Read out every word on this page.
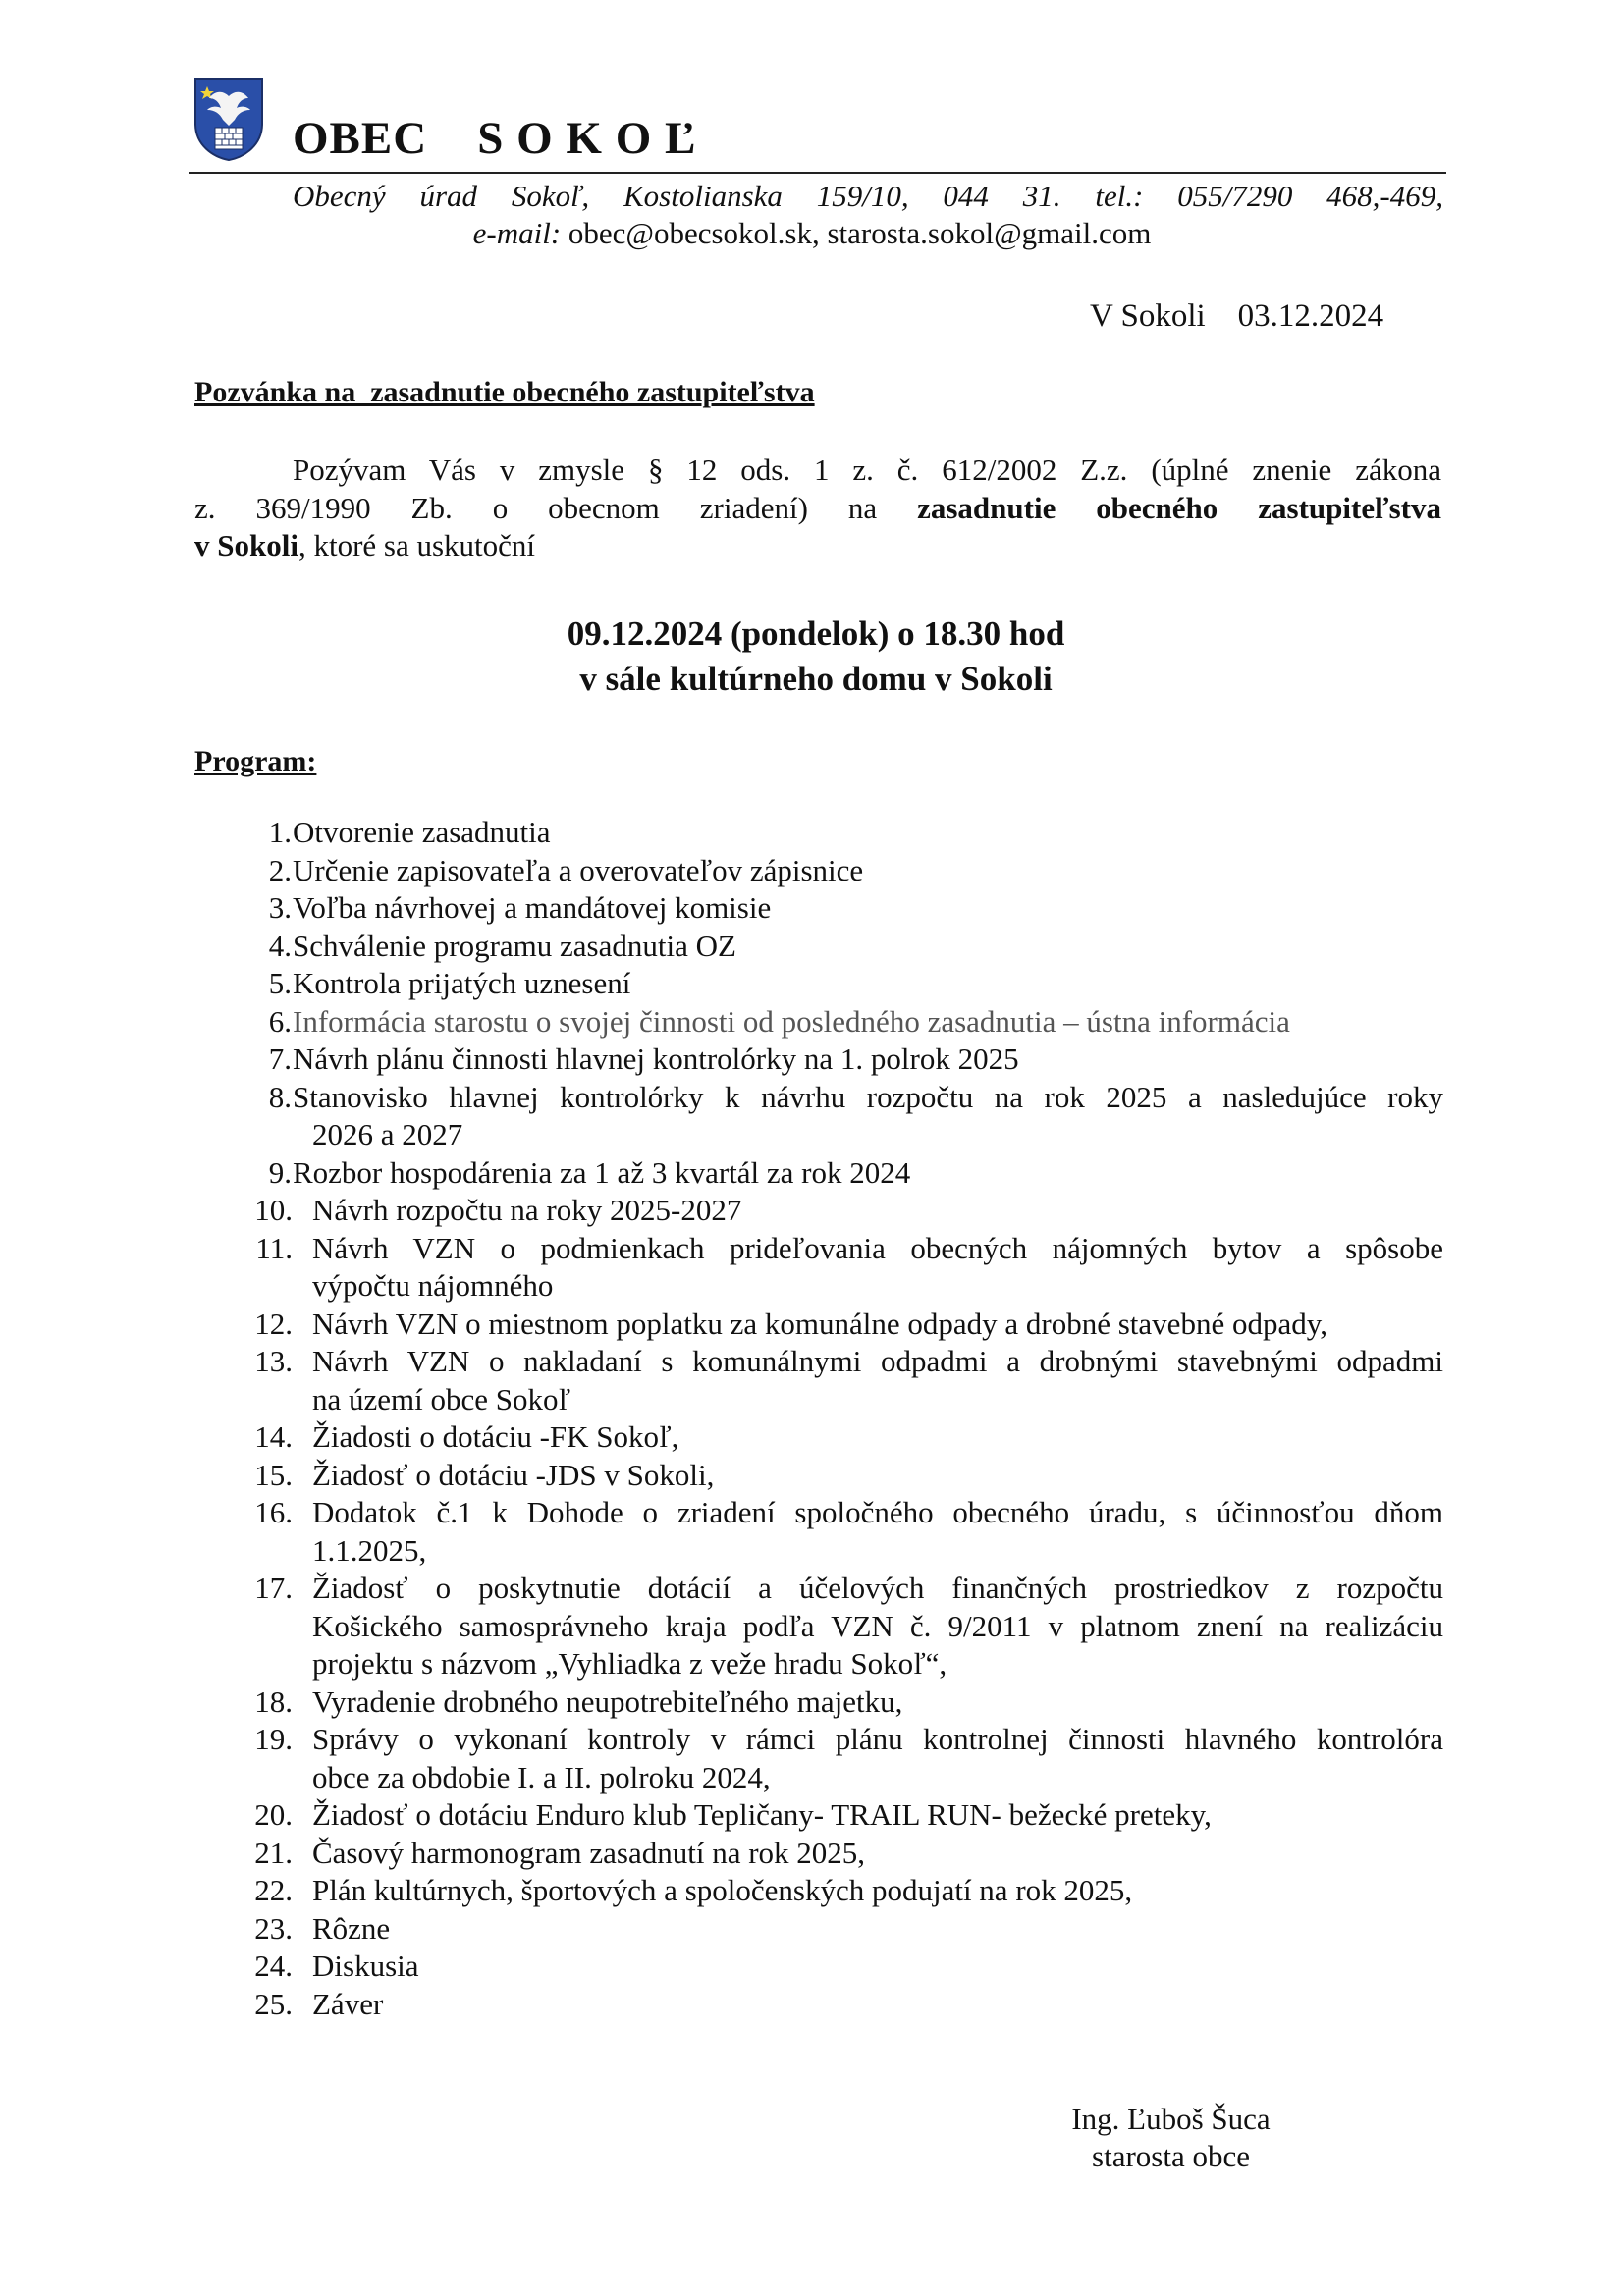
OBEC    S O K O Ľ
Obecný úrad Sokoľ, Kostolianska 159/10, 044 31. tel.: 055/7290 468,-469,
e-mail: obec@obecsokol.sk, starosta.sokol@gmail.com
V Sokoli    03.12.2024
Pozvánka na  zasadnutie obecného zastupiteľstva
Pozývam Vás v zmysle § 12 ods. 1 z. č. 612/2002 Z.z. (úplné znenie zákona
z. 369/1990 Zb. o obecnom zriadení) na zasadnutie obecného zastupiteľstva
v Sokoli, ktoré sa uskutoční
09.12.2024 (pondelok) o 18.30 hod
v sále kultúrneho domu v Sokoli
Program:
1. Otvorenie zasadnutia
2. Určenie zapisovateľa a overovateľov zápisnice
3. Voľba návrhovej a mandátovej komisie
4. Schválenie programu zasadnutia OZ
5. Kontrola prijatých uznesení
6. Informácia starostu o svojej činnosti od posledného zasadnutia – ústna informácia
7. Návrh plánu činnosti hlavnej kontrolórky na 1. polrok 2025
8. Stanovisko hlavnej kontrolórky k návrhu rozpočtu na rok 2025 a nasledujúce roky
2026 a 2027
9. Rozbor hospodárenia za 1 až 3 kvartál za rok 2024
10. Návrh rozpočtu na roky 2025-2027
11. Návrh VZN o podmienkach prideľovania obecných nájomných bytov a spôsobe
výpočtu nájomného
12. Návrh VZN o miestnom poplatku za komunálne odpady a drobné stavebné odpady,
13. Návrh VZN o nakladaní s komunálnymi odpadmi a drobnými stavebnými odpadmi
na území obce Sokoľ
14. Žiadosti o dotáciu -FK Sokoľ,
15. Žiadosť o dotáciu -JDS v Sokoli,
16. Dodatok č.1 k Dohode o zriadení spoločného obecného úradu, s účinnosťou dňom
1.1.2025,
17. Žiadosť o poskytnutie dotácií a účelových finančných prostriedkov z rozpočtu
Košického samosprávneho kraja podľa VZN č. 9/2011 v platnom znení na realizáciu
projektu s názvom „Vyhliadka z veže hradu Sokoľ“,
18. Vyradenie drobného neupotrebiteľného majetku,
19. Správy o vykonaní kontroly v rámci plánu kontrolnej činnosti hlavného kontrolóra
obce za obdobie I. a II. polroku 2024,
20. Žiadosť o dotáciu Enduro klub Tepličany- TRAIL RUN- bežecké preteky,
21. Časový harmonogram zasadnutí na rok 2025,
22. Plán kultúrnych, športových a spoločenských podujatí na rok 2025,
23. Rôzne
24. Diskusia
25. Záver
Ing. Ľuboš Šuca
starosta obce
